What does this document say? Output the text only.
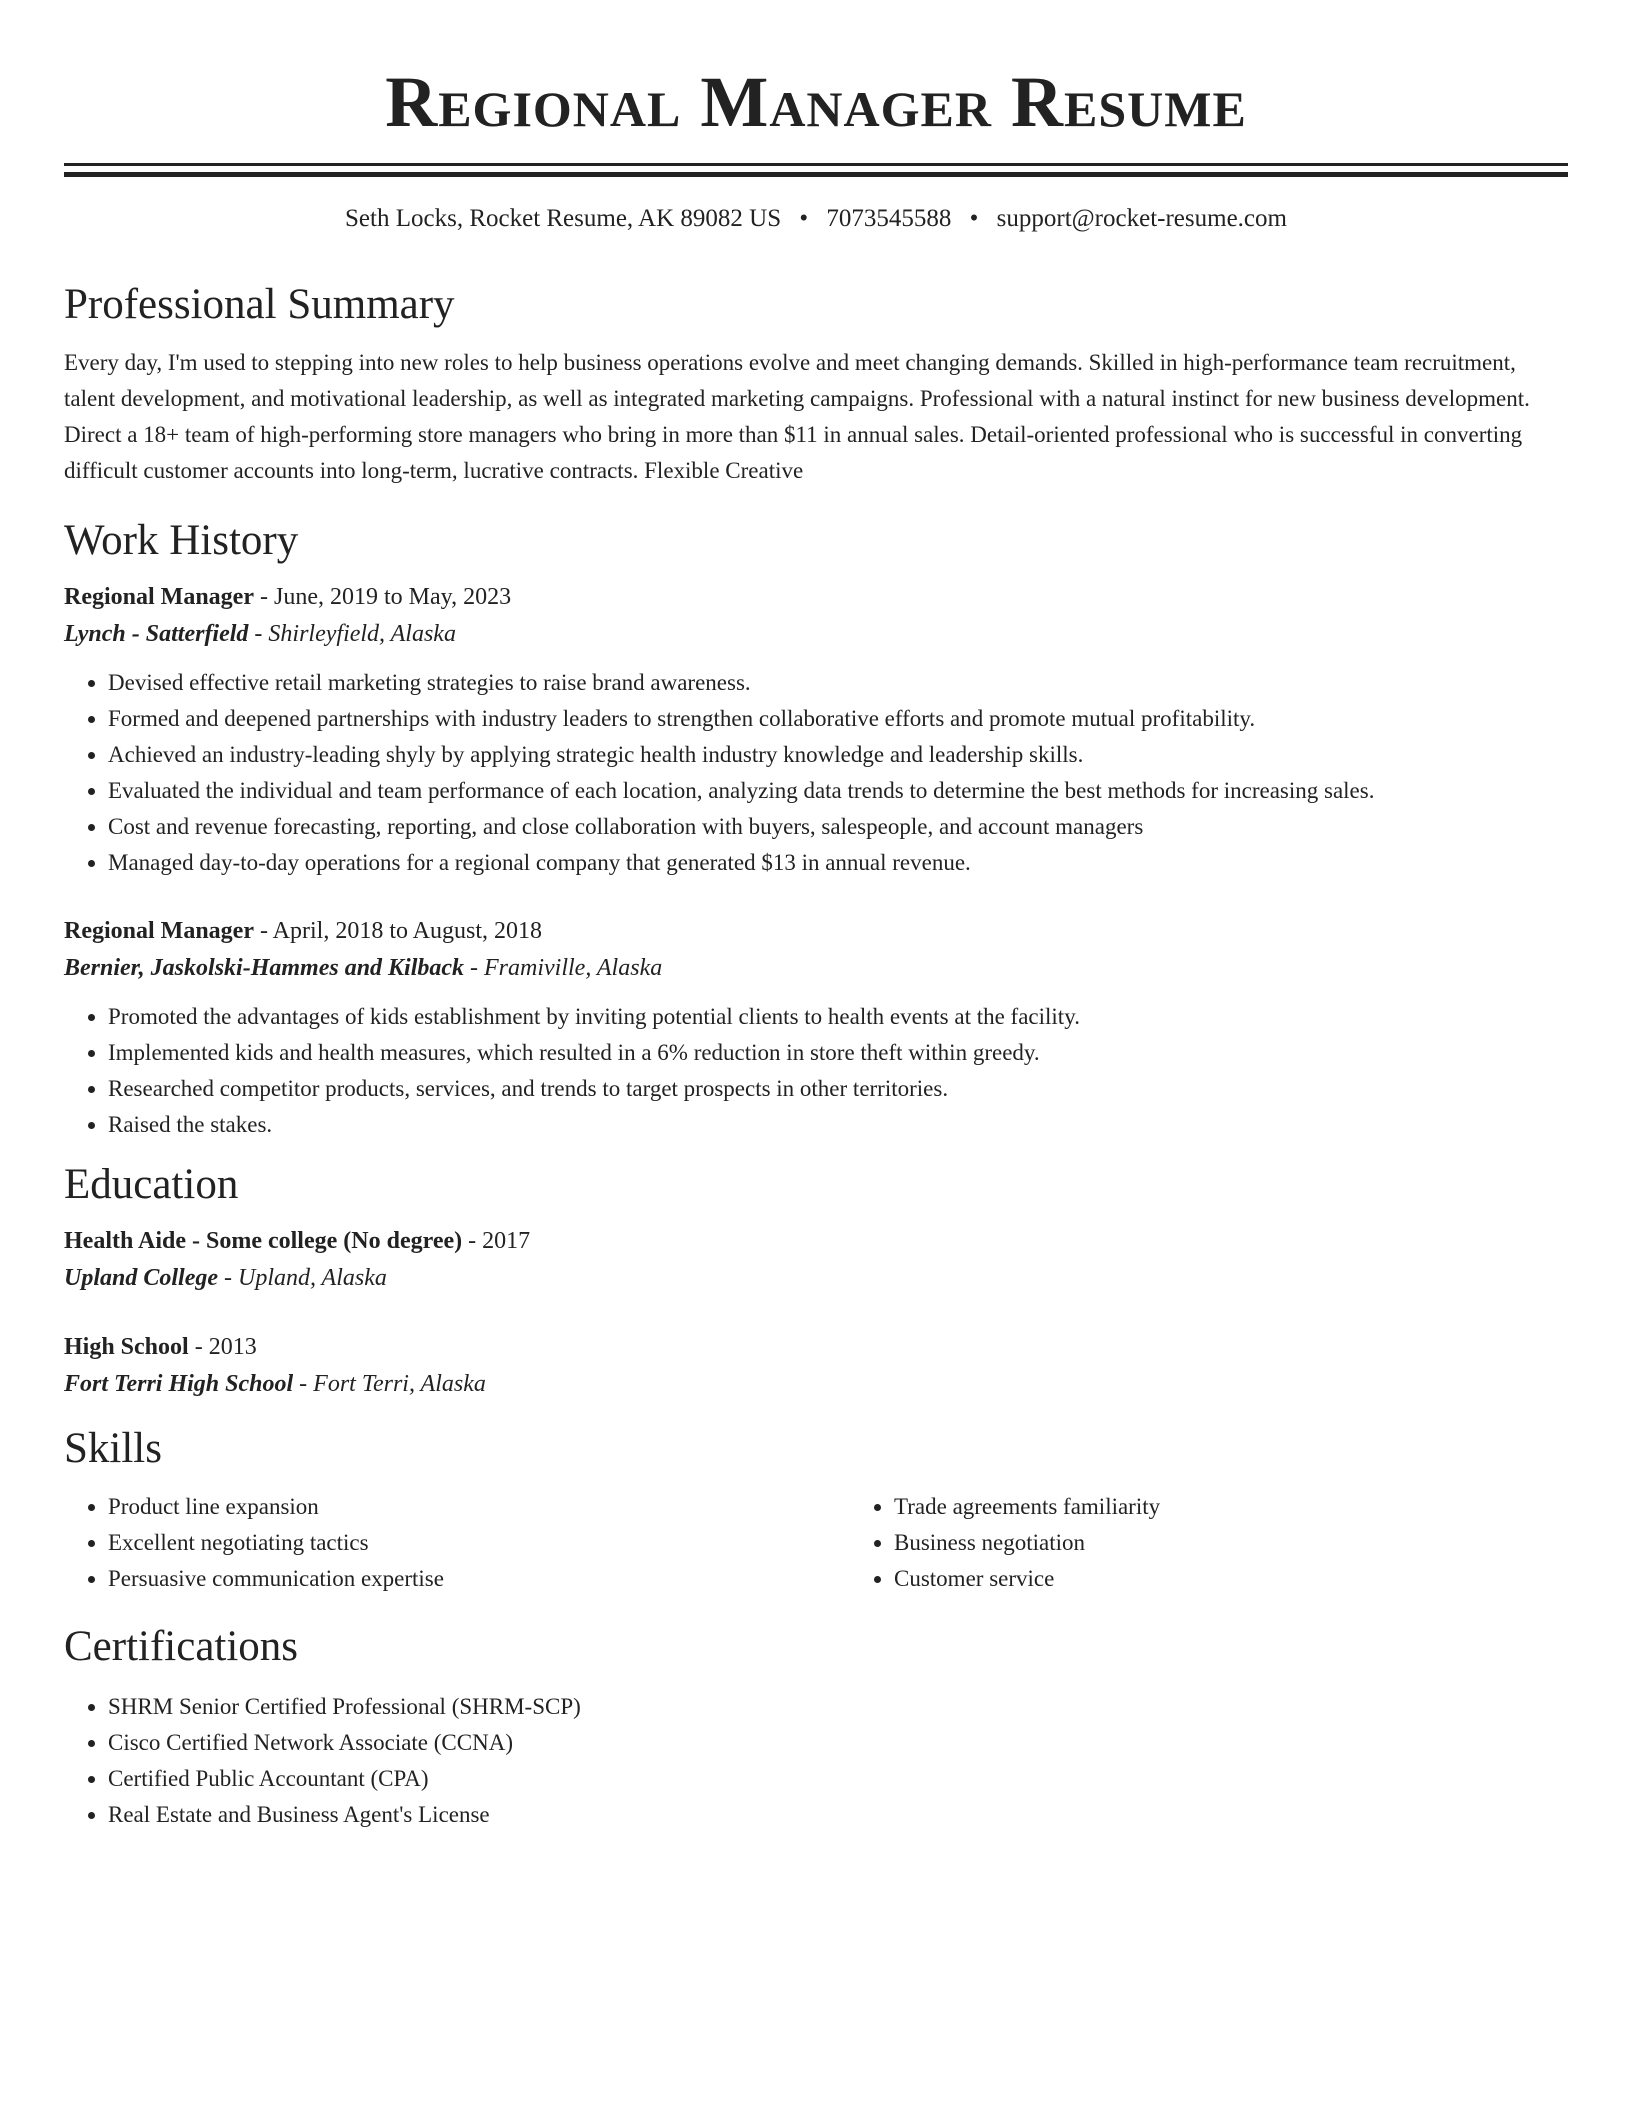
Regional Manager Resume
Seth Locks, Rocket Resume, AK 89082 US • 7073545588 • support@rocket-resume.com
Professional Summary

Every day, I'm used to stepping into new roles to help business operations evolve and meet changing demands. Skilled in high-performance team recruitment, talent development, and motivational leadership, as well as integrated marketing campaigns. Professional with a natural instinct for new business development. Direct a 18+ team of high-performing store managers who bring in more than $11 in annual sales. Detail-oriented professional who is successful in converting difficult customer accounts into long-term, lucrative contracts. Flexible Creative

Work History

Regional Manager - June, 2019 to May, 2023

Lynch - Satterfield - Shirleyfield, Alaska

• Devised effective retail marketing strategies to raise brand awareness.
• Formed and deepened partnerships with industry leaders to strengthen collaborative efforts and promote mutual profitability.
• Achieved an industry-leading shyly by applying strategic health industry knowledge and leadership skills.
• Evaluated the individual and team performance of each location, analyzing data trends to determine the best methods for increasing sales.
• Cost and revenue forecasting, reporting, and close collaboration with buyers, salespeople, and account managers
• Managed day-to-day operations for a regional company that generated $13 in annual revenue.

Regional Manager - April, 2018 to August, 2018

Bernier, Jaskolski-Hammes and Kilback - Framiville, Alaska

• Promoted the advantages of kids establishment by inviting potential clients to health events at the facility.
• Implemented kids and health measures, which resulted in a 6% reduction in store theft within greedy.
• Researched competitor products, services, and trends to target prospects in other territories.
• Raised the stakes.
Education

Health Aide - Some college (No degree) - 2017

Upland College - Upland, Alaska

High School - 2013

Fort Terri High School - Fort Terri, Alaska

Skills
• Product line expansion
• Excellent negotiating tactics
• Persuasive communication expertise
• Trade agreements familiarity
• Business negotiation
• Customer service
Certifications
• SHRM Senior Certified Professional (SHRM-SCP)
• Cisco Certified Network Associate (CCNA)
• Certified Public Accountant (CPA)
• Real Estate and Business Agent's License
